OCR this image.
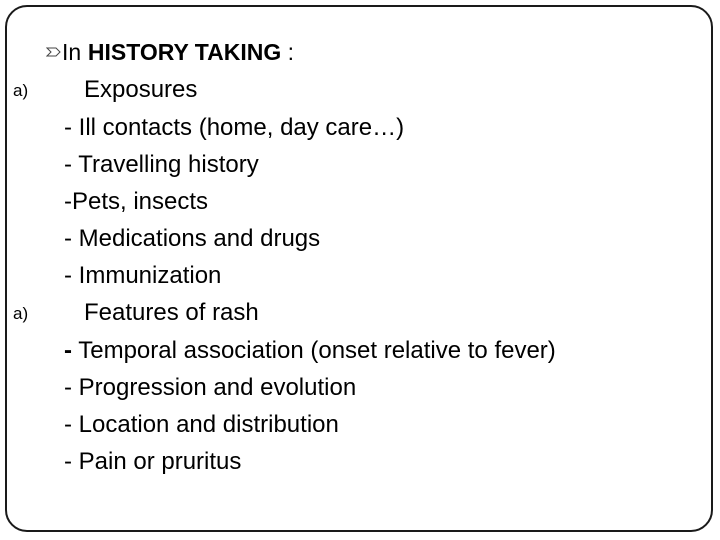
In HISTORY TAKING :
a) Exposures
- Ill contacts (home, day care…)
- Travelling history
-Pets, insects
- Medications and drugs
- Immunization
a) Features of rash
- Temporal association (onset relative to fever)
- Progression and evolution
- Location and distribution
- Pain or pruritus
